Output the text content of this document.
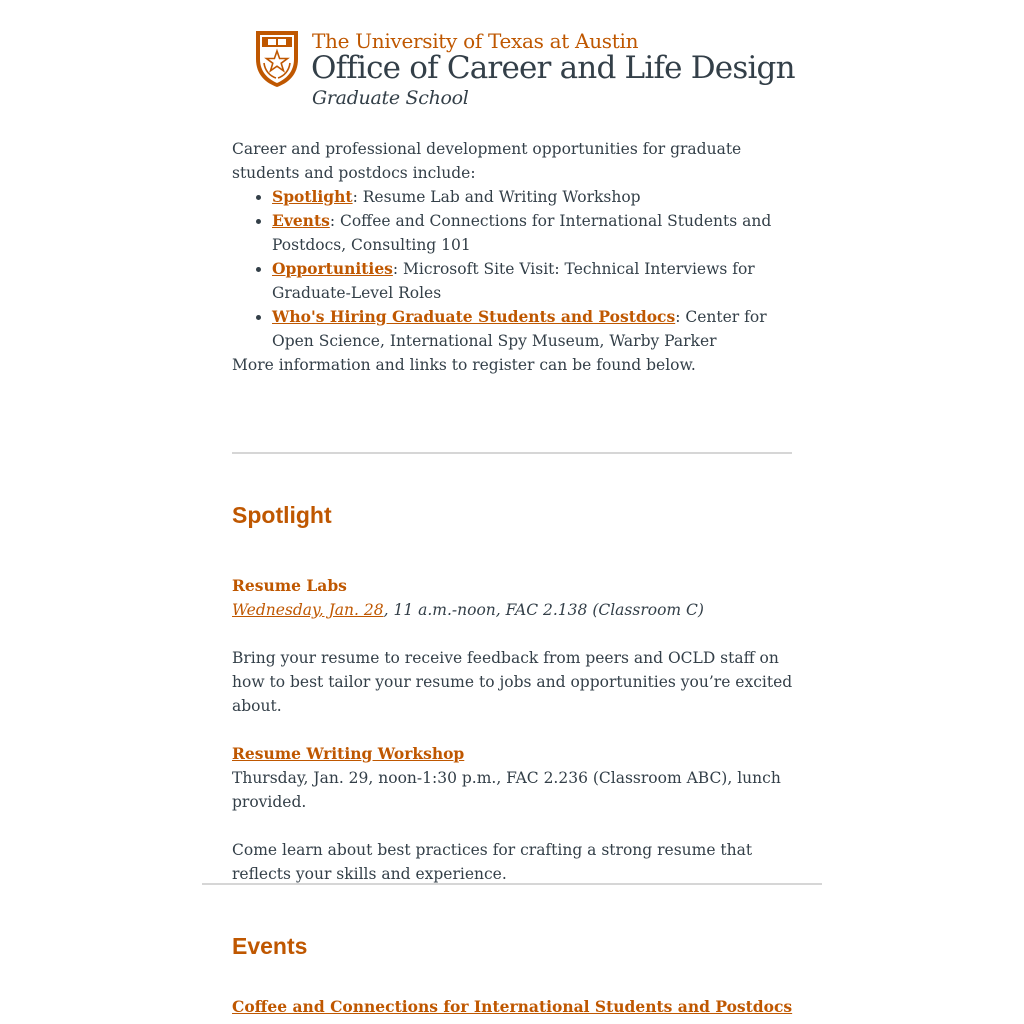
The University of Texas at Austin
Office of Career and Life Design
Graduate School

Career and professional development opportunities for graduate students and postdocs include:

• Spotlight: Resume Lab and Writing Workshop
• Events: Coffee and Connections for International Students and Postdocs, Consulting 101
• Opportunities: Microsoft Site Visit: Technical Interviews for Graduate-Level Roles
• Who's Hiring Graduate Students and Postdocs: Center for Open Science, International Spy Museum, Warby Parker

More information and links to register can be found below.

Spotlight
Resume Labs
Wednesday, Jan. 28, 11 a.m.-noon, FAC 2.138 (Classroom C)
Bring your resume to receive feedback from peers and OCLD staff on how to best tailor your resume to jobs and opportunities you’re excited about.
Resume Writing Workshop
Thursday, Jan. 29, noon-1:30 p.m., FAC 2.236 (Classroom ABC), lunch provided.
Come learn about best practices for crafting a strong resume that reflects your skills and experience.
Events
Coffee and Connections for International Students and Postdocs
